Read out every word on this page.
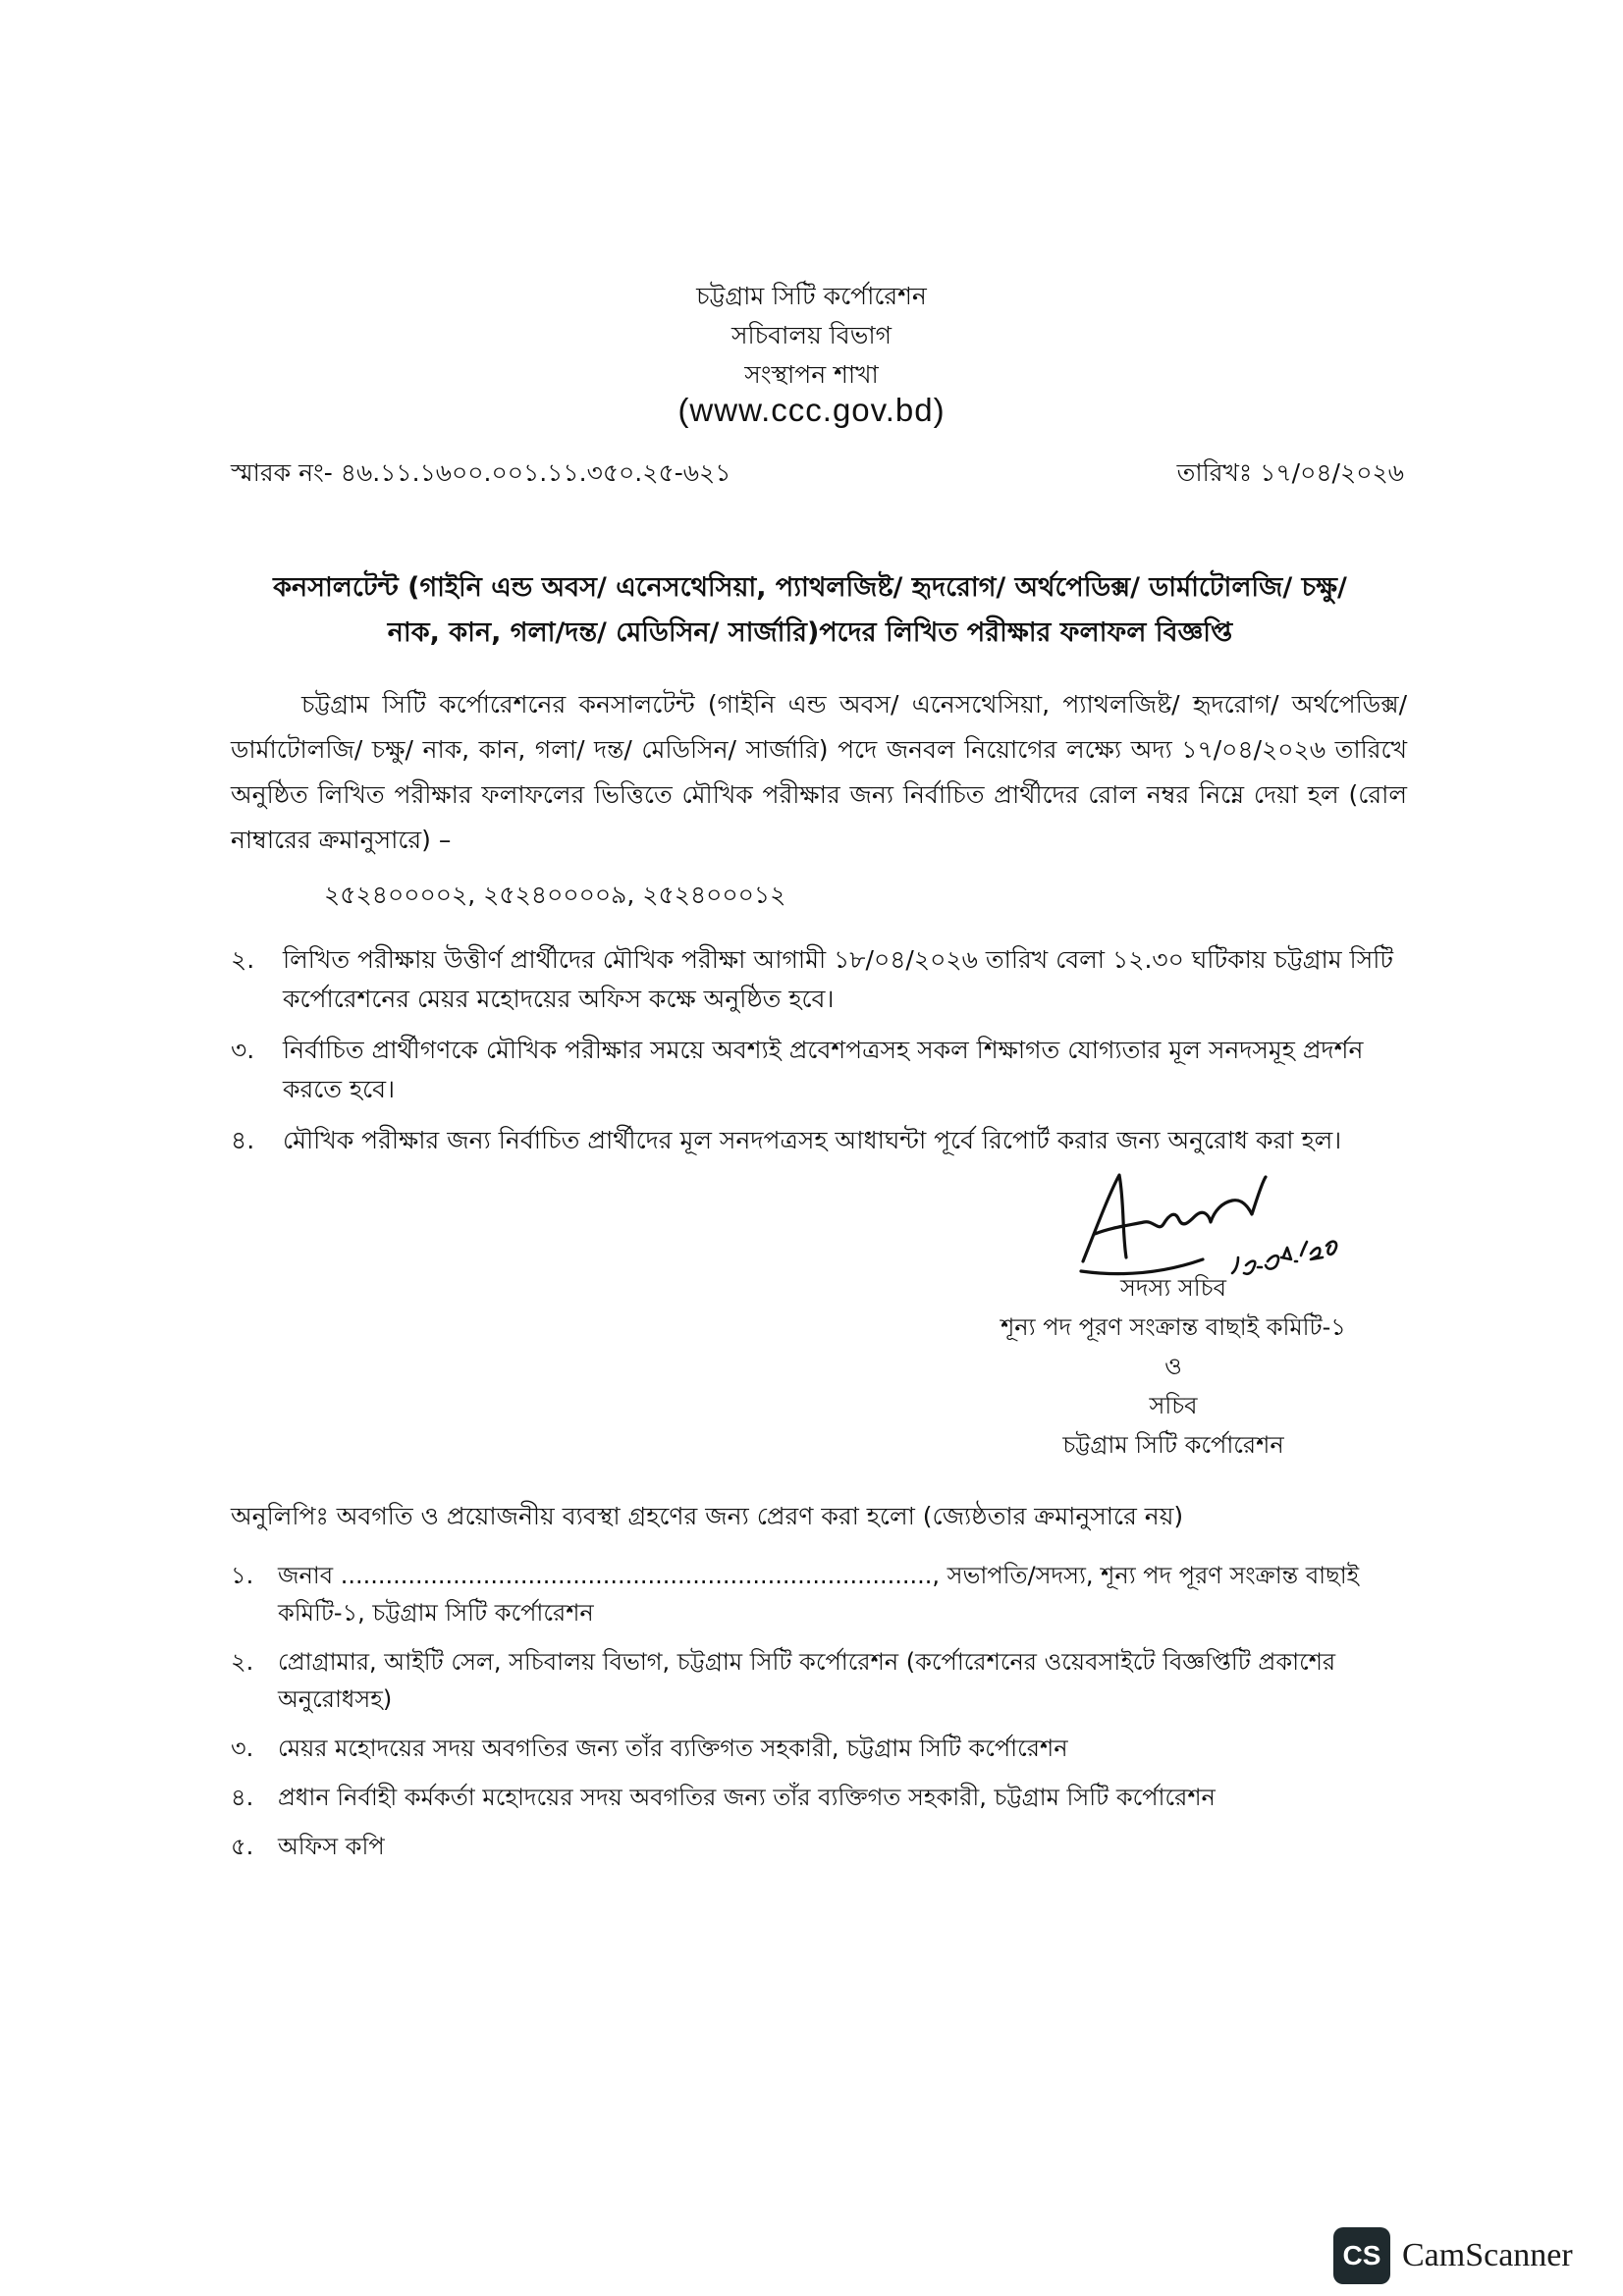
চট্টগ্রাম সিটি কর্পোরেশন
সচিবালয় বিভাগ
সংস্থাপন শাখা
(www.ccc.gov.bd)
স্মারক নং- ৪৬.১১.১৬০০.০০১.১১.৩৫০.২৫-৬২১	তারিখঃ ১৭/০৪/২০২৬
কনসালটেন্ট (গাইনি এন্ড অবস/ এনেসথেসিয়া, প্যাথলজিষ্ট/ হৃদরোগ/ অর্থপেডিক্স/ ডার্মাটোলজি/ চক্ষু/
নাক, কান, গলা/দন্ত/ মেডিসিন/ সার্জারি)পদের লিখিত পরীক্ষার ফলাফল বিজ্ঞপ্তি
চট্টগ্রাম সিটি কর্পোরেশনের কনসালটেন্ট (গাইনি এন্ড অবস/ এনেসথেসিয়া, প্যাথলজিষ্ট/ হৃদরোগ/ অর্থপেডিক্স/ ডার্মাটোলজি/ চক্ষু/ নাক, কান, গলা/ দন্ত/ মেডিসিন/ সার্জারি) পদে জনবল নিয়োগের লক্ষ্যে অদ্য ১৭/০৪/২০২৬ তারিখে অনুষ্ঠিত লিখিত পরীক্ষার ফলাফলের ভিত্তিতে মৌখিক পরীক্ষার জন্য নির্বাচিত প্রার্থীদের রোল নম্বর নিম্নে দেয়া হল (রোল নাম্বারের ক্রমানুসারে) –
২৫২৪০০০০২, ২৫২৪০০০০৯, ২৫২৪০০০১২
২. লিখিত পরীক্ষায় উত্তীর্ণ প্রার্থীদের মৌখিক পরীক্ষা আগামী ১৮/০৪/২০২৬ তারিখ বেলা ১২.৩০ ঘটিকায় চট্টগ্রাম সিটি কর্পোরেশনের মেয়র মহোদয়ের অফিস কক্ষে অনুষ্ঠিত হবে।
৩. নির্বাচিত প্রার্থীগণকে মৌখিক পরীক্ষার সময়ে অবশ্যই প্রবেশপত্রসহ সকল শিক্ষাগত যোগ্যতার মূল সনদসমূহ প্রদর্শন করতে হবে।
৪. মৌখিক পরীক্ষার জন্য নির্বাচিত প্রার্থীদের মূল সনদপত্রসহ আধাঘন্টা পূর্বে রিপোর্ট করার জন্য অনুরোধ করা হল।
সদস্য সচিব
শূন্য পদ পূরণ সংক্রান্ত বাছাই কমিটি-১
ও
সচিব
চট্টগ্রাম সিটি কর্পোরেশন
অনুলিপিঃ অবগতি ও প্রয়োজনীয় ব্যবস্থা গ্রহণের জন্য প্রেরণ করা হলো (জ্যেষ্ঠতার ক্রমানুসারে নয়)
১. জনাব ..............................................................................., সভাপতি/সদস্য, শূন্য পদ পূরণ সংক্রান্ত বাছাই কমিটি-১, চট্টগ্রাম সিটি কর্পোরেশন
২. প্রোগ্রামার, আইটি সেল, সচিবালয় বিভাগ, চট্টগ্রাম সিটি কর্পোরেশন (কর্পোরেশনের ওয়েবসাইটে বিজ্ঞপ্তিটি প্রকাশের অনুরোধসহ)
৩. মেয়র মহোদয়ের সদয় অবগতির জন্য তাঁর ব্যক্তিগত সহকারী, চট্টগ্রাম সিটি কর্পোরেশন
৪. প্রধান নির্বাহী কর্মকর্তা মহোদয়ের সদয় অবগতির জন্য তাঁর ব্যক্তিগত সহকারী, চট্টগ্রাম সিটি কর্পোরেশন
৫. অফিস কপি
CS CamScanner
